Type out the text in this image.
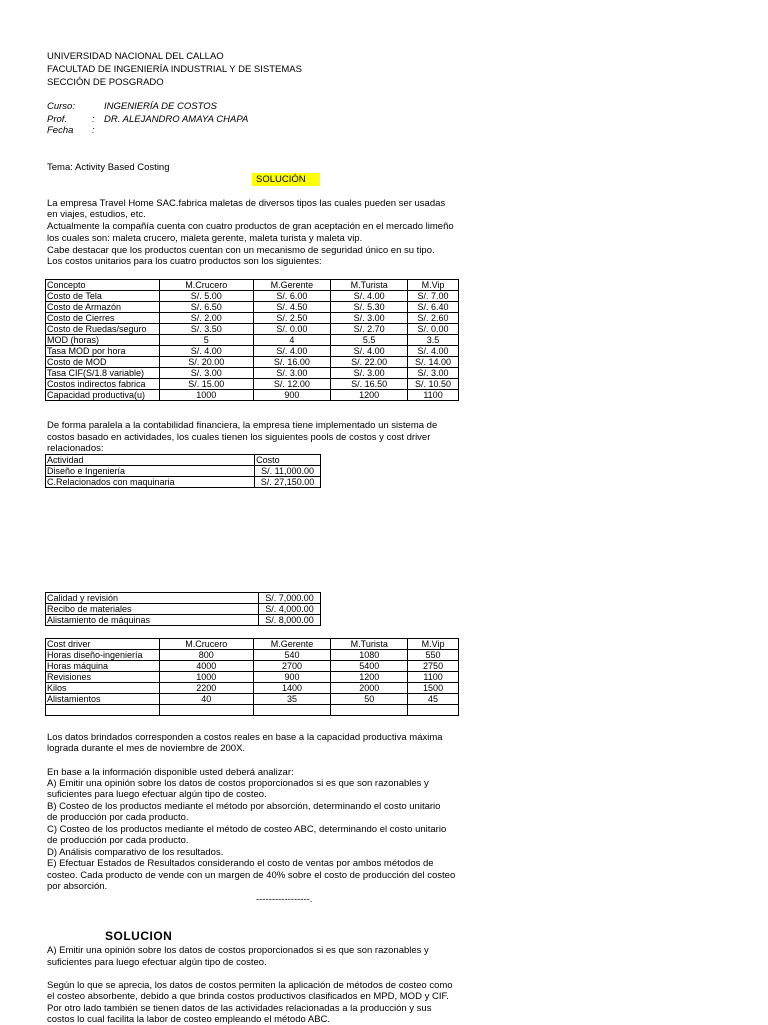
UNIVERSIDAD NACIONAL DEL CALLAO
FACULTAD DE INGENIERÍA INDUSTRIAL Y DE SISTEMAS
SECCIÓN DE POSGRADO
Curso:	INGENIERÍA DE COSTOS
Prof.	: DR. ALEJANDRO AMAYA CHAPA
Fecha :
Tema: Activity Based Costing
SOLUCIÓN
La empresa Travel Home SAC.fabrica maletas de diversos tipos las cuales pueden ser usadas
en viajes, estudios, etc.
Actualmente la compañía cuenta con cuatro productos de gran aceptación en el mercado limeño
los cuales son: maleta crucero, maleta gerente, maleta turista y maleta vip.
Cabe destacar que los productos cuentan con un mecanismo de seguridad único en su tipo.
Los costos unitarios para los cuatro productos son los siguientes:
Concepto	M.Crucero	M.Gerente	M.Turista	M.Vip
Costo de Tela	S/. 5.00	S/. 6.00	S/. 4.00	S/. 7.00
Costo de Armazón	S/. 6.50	S/. 4.50	S/. 5.30	S/. 6.40
Costo de Cierres	S/. 2.00	S/. 2.50	S/. 3.00	S/. 2.60
Costo de Ruedas/seguro	S/. 3.50	S/. 0.00	S/. 2.70	S/. 0.00
MOD (horas)	5	4	5.5	3.5
Tasa MOD por hora	S/. 4.00	S/. 4.00	S/. 4.00	S/. 4.00
Costo de MOD	S/. 20.00	S/. 16.00	S/. 22.00	S/. 14.00
Tasa CIF(S/1.8 variable)	S/. 3.00	S/. 3.00	S/. 3.00	S/. 3.00
Costos indirectos fabrica	S/. 15.00	S/. 12.00	S/. 16.50	S/. 10.50
Capacidad productiva(u)	1000	900	1200	1100
De forma paralela a la contabilidad financiera, la empresa tiene implementado un sistema de
costos basado en actividades, los cuales tienen los siguientes pools de costos y cost driver
relacionados:
Actividad	Costo
Diseño e Ingeniería	S/. 11,000.00
C.Relacionados con maquinaria	S/. 27,150.00
Calidad y revisión	S/. 7,000.00
Recibo de materiales	S/. 4,000.00
Alistamiento de máquinas	S/. 8,000.00
Cost driver	M.Crucero	M.Gerente	M.Turista	M.Vip
Horas diseño-ingeniería	800	540	1080	550
Horas máquina	4000	2700	5400	2750
Revisiones	1000	900	1200	1100
Kilos	2200	1400	2000	1500
Alistamientos	40	35	50	45

Los datos brindados corresponden a costos reales en base a la capacidad productiva máxima
lograda durante el mes de noviembre de 200X.
En base a la información disponible usted deberá analizar:
A) Emitir una opinión sobre los datos de costos proporcionados si es que son razonables y
suficientes para luego efectuar algún tipo de costeo.
B) Costeo de los productos mediante el método por absorción, determinando el costo unitario
de producción por cada producto.
C) Costeo de los productos mediante el método de costeo ABC, determinando el costo unitario
de producción por cada producto.
D) Análisis comparativo de los resultados.
E) Efectuar Estados de Resultados considerando el costo de ventas por ambos métodos de
costeo. Cada producto de vende con un margen de 40% sobre el costo de producción del costeo
por absorción.
-----------------.
SOLUCION
A) Emitir una opinión sobre los datos de costos proporcionados si es que son razonables y
suficientes para luego efectuar algún tipo de costeo.
Según lo que se aprecia, los datos de costos permiten la aplicación de métodos de costeo como
el costeo absorbente, debido a que brinda costos productivos clasificados en MPD, MOD y CIF.
Por otro lado también se tienen datos de las actividades relacionadas a la producción y sus
costos lo cual facilita la labor de costeo empleando el método ABC.
